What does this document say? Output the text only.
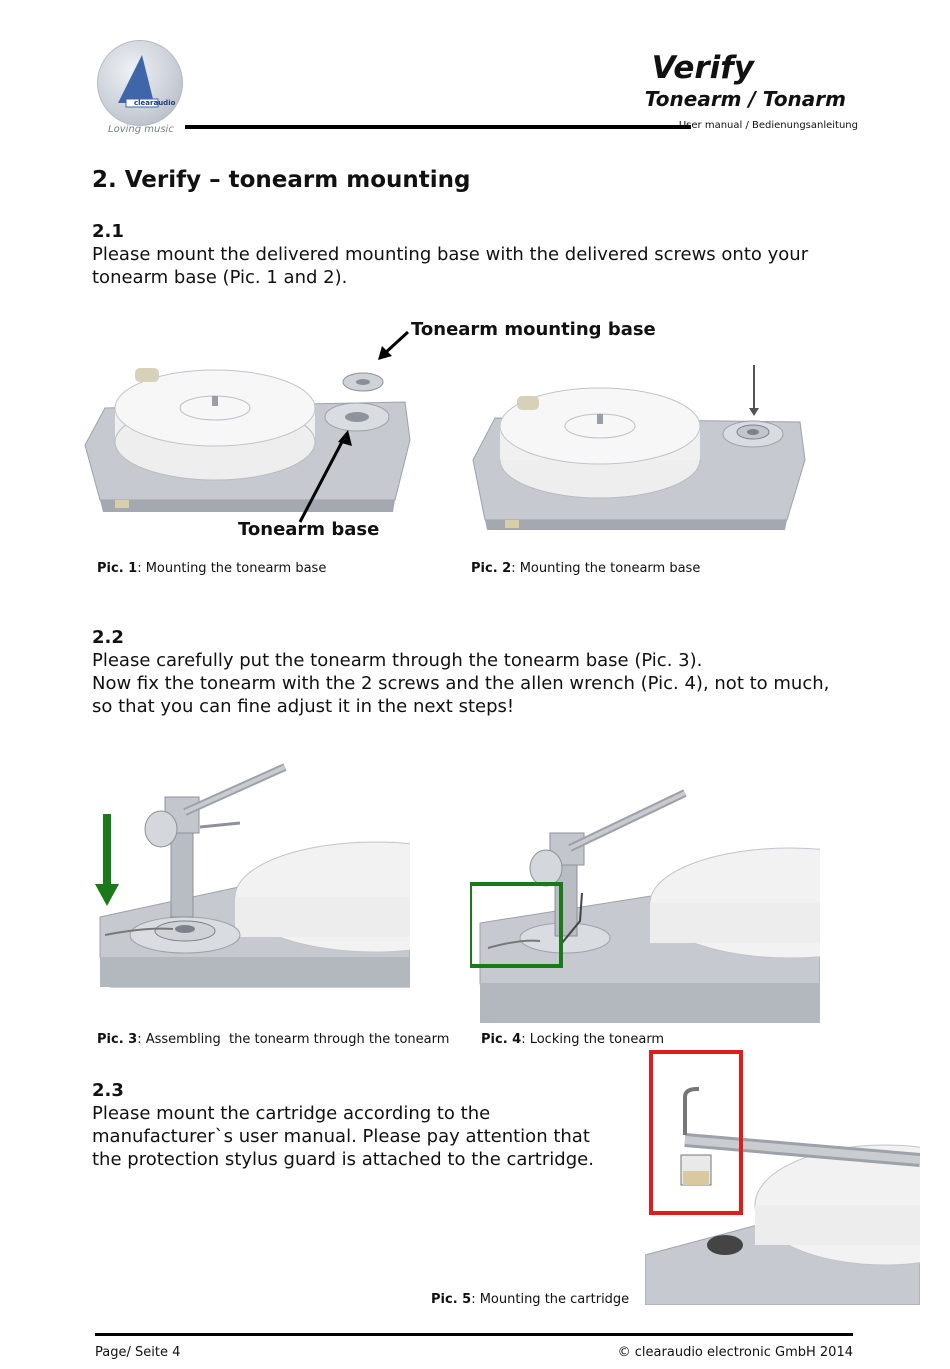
clearaudio
Loving music
Verify
Tonearm / Tonarm
User manual / Bedienungsanleitung
2. Verify – tonearm mounting
2.1
Please mount the delivered mounting base with the delivered screws onto your tonearm base (Pic. 1 and 2).
Tonearm mounting base
Tonearm base
Pic. 1: Mounting the tonearm base	Pic. 2: Mounting the tonearm base
2.2
Please carefully put the tonearm through the tonearm base (Pic. 3).
Now fix the tonearm with the 2 screws and the allen wrench (Pic. 4), not to much, so that you can fine adjust it in the next steps!
Pic. 3: Assembling  the tonearm through the tonearm Pic. 4: Locking the tonearm
2.3
Please mount the cartridge according to the manufacturer`s user manual. Please pay attention that the protection stylus guard is attached to the cartridge.
Pic. 5: Mounting the cartridge
Page/ Seite 4	© clearaudio electronic GmbH 2014
